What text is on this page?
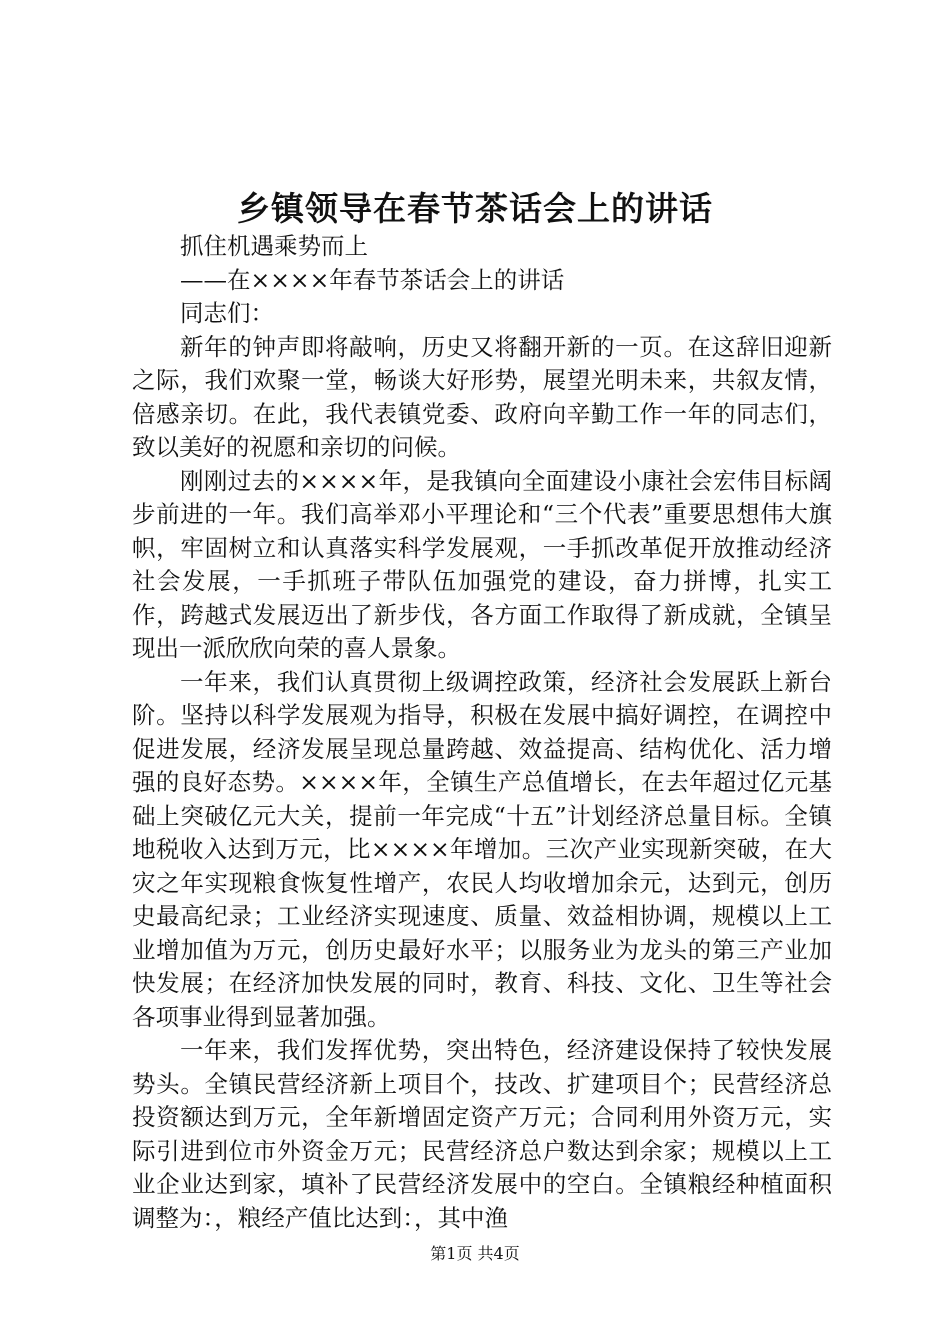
乡镇领导在春节茶话会上的讲话

抓住机遇乘势而上

——在××××年春节茶话会上的讲话

同志们：

新年的钟声即将敲响，历史又将翻开新的一页。在这辞旧迎新之际，我们欢聚一堂，畅谈大好形势，展望光明未来，共叙友情，倍感亲切。在此，我代表镇党委、政府向辛勤工作一年的同志们，致以美好的祝愿和亲切的问候。

刚刚过去的××××年，是我镇向全面建设小康社会宏伟目标阔步前进的一年。我们高举邓小平理论和“三个代表”重要思想伟大旗帜，牢固树立和认真落实科学发展观，一手抓改革促开放推动经济社会发展，一手抓班子带队伍加强党的建设，奋力拼博，扎实工作，跨越式发展迈出了新步伐，各方面工作取得了新成就，全镇呈现出一派欣欣向荣的喜人景象。

一年来，我们认真贯彻上级调控政策，经济社会发展跃上新台阶。坚持以科学发展观为指导，积极在发展中搞好调控，在调控中促进发展，经济发展呈现总量跨越、效益提高、结构优化、活力增强的良好态势。××××年，全镇生产总值增长，在去年超过亿元基础上突破亿元大关，提前一年完成“十五”计划经济总量目标。全镇地税收入达到万元，比××××年增加。三次产业实现新突破，在大灾之年实现粮食恢复性增产，农民人均收增加余元，达到元，创历史最高纪录；工业经济实现速度、质量、效益相协调，规模以上工业增加值为万元，创历史最好水平；以服务业为龙头的第三产业加快发展；在经济加快发展的同时，教育、科技、文化、卫生等社会各项事业得到显著加强。

一年来，我们发挥优势，突出特色，经济建设保持了较快发展势头。全镇民营经济新上项目个，技改、扩建项目个；民营经济总投资额达到万元，全年新增固定资产万元；合同利用外资万元，实际引进到位市外资金万元；民营经济总户数达到余家；规模以上工业企业达到家，填补了民营经济发展中的空白。全镇粮经种植面积调整为：，粮经产值比达到：，其中渔

第1页 共4页
